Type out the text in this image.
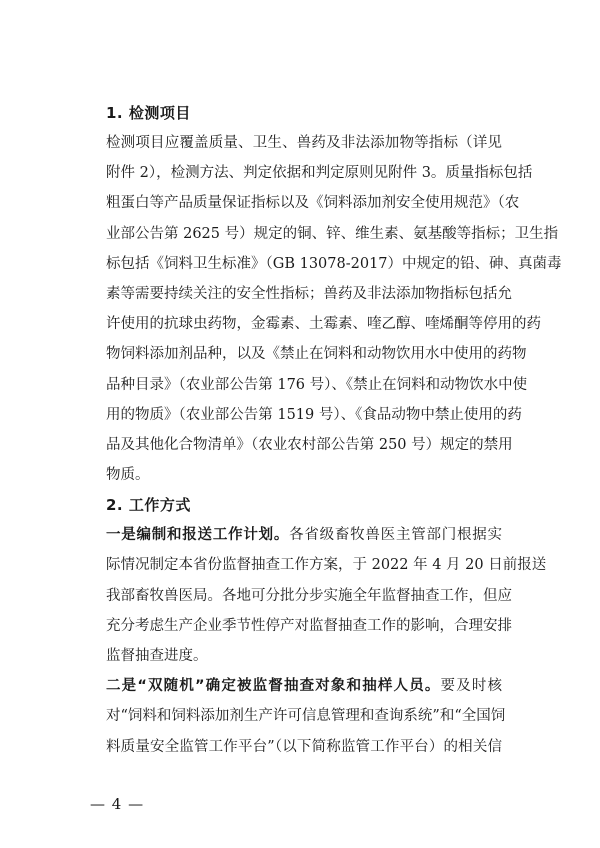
1. 检测项目
检测项目应覆盖质量、卫生、兽药及非法添加物等指标（详见
附件 2），检测方法、判定依据和判定原则见附件 3。质量指标包括
粗蛋白等产品质量保证指标以及《饲料添加剂安全使用规范》（农
业部公告第 2625 号）规定的铜、锌、维生素、氨基酸等指标；卫生指
标包括《饲料卫生标准》（GB 13078-2017）中规定的铅、砷、真菌毒
素等需要持续关注的安全性指标；兽药及非法添加物指标包括允
许使用的抗球虫药物，金霉素、土霉素、喹乙醇、喹烯酮等停用的药
物饲料添加剂品种，以及《禁止在饲料和动物饮用水中使用的药物
品种目录》（农业部公告第 176 号）、《禁止在饲料和动物饮水中使
用的物质》（农业部公告第 1519 号）、《食品动物中禁止使用的药
品及其他化合物清单》（农业农村部公告第 250 号）规定的禁用
物质。
2. 工作方式
一是编制和报送工作计划。各省级畜牧兽医主管部门根据实
际情况制定本省份监督抽查工作方案，于 2022 年 4 月 20 日前报送
我部畜牧兽医局。各地可分批分步实施全年监督抽查工作，但应
充分考虑生产企业季节性停产对监督抽查工作的影响，合理安排
监督抽查进度。
二是“双随机”确定被监督抽查对象和抽样人员。要及时核
对“饲料和饲料添加剂生产许可信息管理和查询系统”和“全国饲
料质量安全监管工作平台”（以下简称监管工作平台）的相关信
— 4 —
